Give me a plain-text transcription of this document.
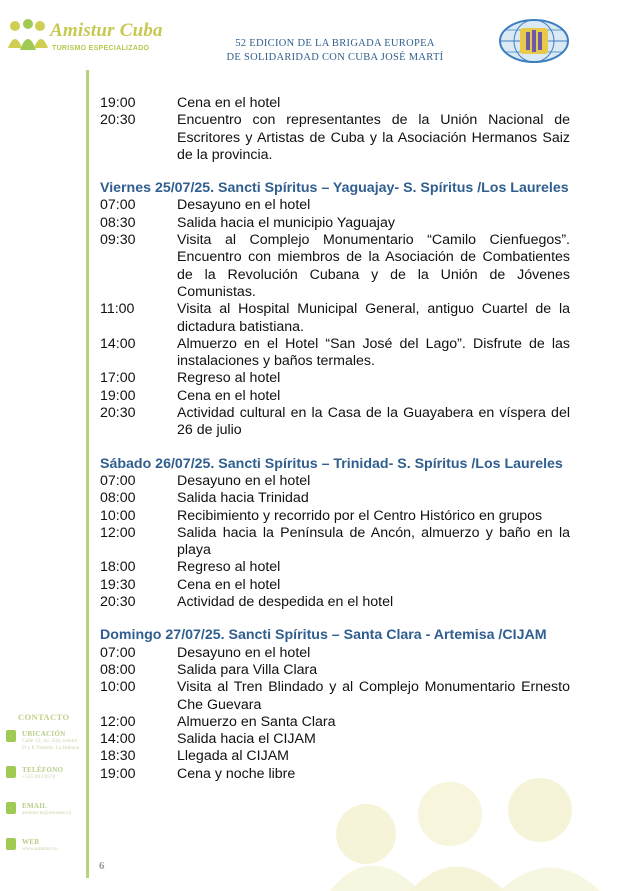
Amistur Cuba
TURISMO ESPECIALIZADO	52 EDICION DE LA BRIGADA EUROPEA
DE SOLIDARIDAD CON CUBA JOSÉ MARTÍ
19:00	Cena en el hotel
20:30	Encuentro con representantes de la Unión Nacional de Escritores y Artistas de Cuba y la Asociación Hermanos Saiz de la provincia.
Viernes 25/07/25. Sancti Spíritus – Yaguajay- S. Spíritus /Los Laureles
07:00	Desayuno en el hotel
08:30	Salida hacia el municipio Yaguajay
09:30	Visita al Complejo Monumentario “Camilo Cienfuegos”. Encuentro con miembros de la Asociación de Combatientes de la Revolución Cubana y de la Unión de Jóvenes Comunistas.
11:00	Visita al Hospital Municipal General, antiguo Cuartel de la dictadura batistiana.
14:00	Almuerzo en el Hotel “San José del Lago”. Disfrute de las instalaciones y baños termales.
17:00	Regreso al hotel
19:00	Cena en el hotel
20:30	Actividad cultural en la Casa de la Guayabera en víspera del 26 de julio
Sábado 26/07/25. Sancti Spíritus – Trinidad- S. Spíritus /Los Laureles
07:00	Desayuno en el hotel
08:00	Salida hacia Trinidad
10:00	Recibimiento y recorrido por el Centro Histórico en grupos
12:00	Salida hacia la Península de Ancón, almuerzo y baño en la playa
18:00	Regreso al hotel
19:30	Cena en el hotel
20:30	Actividad de despedida en el hotel
Domingo 27/07/25. Sancti Spíritus – Santa Clara - Artemisa /CIJAM
07:00	Desayuno en el hotel
08:00	Salida para Villa Clara
10:00	Visita al Tren Blindado y al Complejo Monumentario Ernesto Che Guevara
12:00	Almuerzo en Santa Clara
14:00	Salida hacia el CIJAM
18:30	Llegada al CIJAM
19:00	Cena y noche libre
CONTACTO
UBICACIÓN
Calle 13, no. 504, e/entre
D y E Vedado, La Habana
TELÉFONO
+535 093 0570
EMAIL
amistur.ta@amistur.cu
WEB
www.amistur.cu
6
